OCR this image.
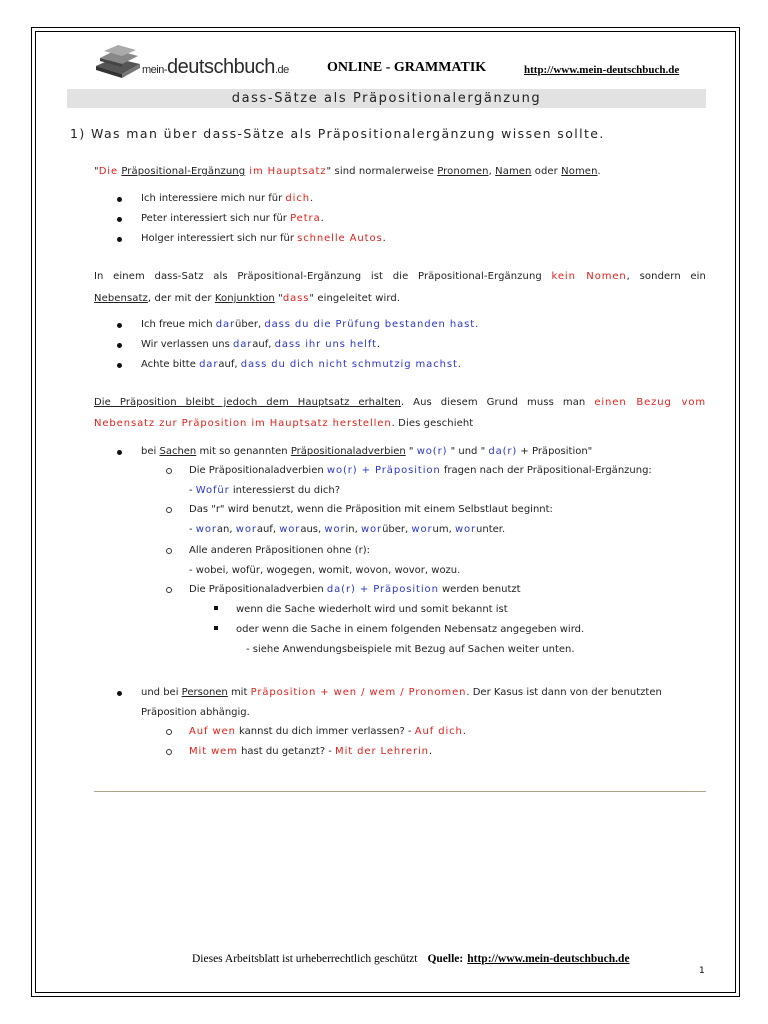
mein-deutschbuch.de	ONLINE - GRAMMATIK	http://www.mein-deutschbuch.de
dass-Sätze als Präpositionalergänzung
1) Was man über dass-Sätze als Präpositionalergänzung wissen sollte.
"Die Präpositional-Ergänzung im Hauptsatz" sind normalerweise Pronomen, Namen oder Nomen.
Ich interessiere mich nur für dich.
Peter interessiert sich nur für Petra.
Holger interessiert sich nur für schnelle Autos.
In einem dass-Satz als Präpositional-Ergänzung ist die Präpositional-Ergänzung kein Nomen, sondern ein
Nebensatz, der mit der Konjunktion "dass" eingeleitet wird.
Ich freue mich darüber, dass du die Prüfung bestanden hast.
Wir verlassen uns darauf, dass ihr uns helft.
Achte bitte darauf, dass du dich nicht schmutzig machst.
Die Präposition bleibt jedoch dem Hauptsatz erhalten. Aus diesem Grund muss man einen Bezug vom
Nebensatz zur Präposition im Hauptsatz herstellen. Dies geschieht
bei Sachen mit so genannten Präpositionaladverbien " wo(r) " und " da(r) + Präposition"
Die Präpositionaladverbien wo(r) + Präposition fragen nach der Präpositional-Ergänzung:
- Wofür interessierst du dich?
Das "r" wird benutzt, wenn die Präposition mit einem Selbstlaut beginnt:
- woran, worauf, woraus, worin, worüber, worum, worunter.
Alle anderen Präpositionen ohne (r):
- wobei, wofür, wogegen, womit, wovon, wovor, wozu.
Die Präpositionaladverbien da(r) + Präposition werden benutzt
wenn die Sache wiederholt wird und somit bekannt ist
oder wenn die Sache in einem folgenden Nebensatz angegeben wird.
- siehe Anwendungsbeispiele mit Bezug auf Sachen weiter unten.
und bei Personen mit Präposition + wen / wem / Pronomen. Der Kasus ist dann von der benutzten
Präposition abhängig.
Auf wen kannst du dich immer verlassen? - Auf dich.
Mit wem hast du getanzt? - Mit der Lehrerin.
Dieses Arbeitsblatt ist urheberrechtlich geschützt Quelle: http://www.mein-deutschbuch.de
1
